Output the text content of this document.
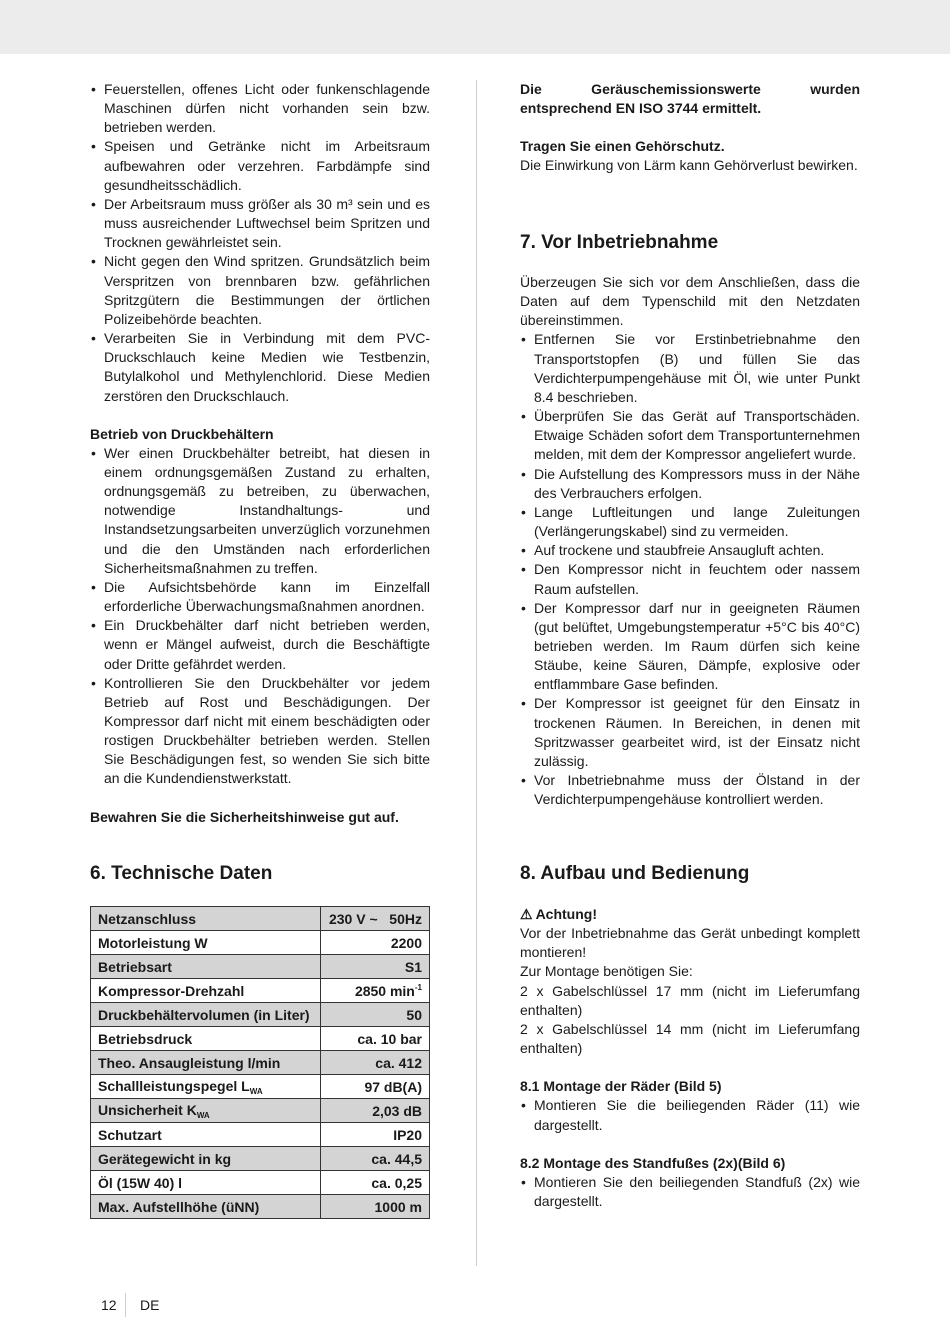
• Feuerstellen, offenes Licht oder funkenschlagende Maschinen dürfen nicht vorhanden sein bzw. betrieben werden.
• Speisen und Getränke nicht im Arbeitsraum aufbewahren oder verzehren. Farbdämpfe sind gesundheitsschädlich.
• Der Arbeitsraum muss größer als 30 m³ sein und es muss ausreichender Luftwechsel beim Spritzen und Trocknen gewährleistet sein.
• Nicht gegen den Wind spritzen. Grundsätzlich beim Verspritzen von brennbaren bzw. gefährlichen Spritzgütern die Bestimmungen der örtlichen Polizeibehörde beachten.
• Verarbeiten Sie in Verbindung mit dem PVC-Druckschlauch keine Medien wie Testbenzin, Butylalkohol und Methylenchlorid. Diese Medien zerstören den Druckschlauch.

Betrieb von Druckbehältern

• Wer einen Druckbehälter betreibt, hat diesen in einem ordnungsgemäßen Zustand zu erhalten, ordnungsgemäß zu betreiben, zu überwachen, notwendige Instandhaltungs- und Instandsetzungsarbeiten unverzüglich vorzunehmen und die den Umständen nach erforderlichen Sicherheitsmaßnahmen zu treffen.
• Die Aufsichtsbehörde kann im Einzelfall erforderliche Überwachungsmaßnahmen anordnen.
• Ein Druckbehälter darf nicht betrieben werden, wenn er Mängel aufweist, durch die Beschäftigte oder Dritte gefährdet werden.
• Kontrollieren Sie den Druckbehälter vor jedem Betrieb auf Rost und Beschädigungen. Der Kompressor darf nicht mit einem beschädigten oder rostigen Druckbehälter betrieben werden. Stellen Sie Beschädigungen fest, so wenden Sie sich bitte an die Kundendienstwerkstatt.

Bewahren Sie die Sicherheitshinweise gut auf.

6. Technische Daten
Netzanschluss	230 V ~   50Hz
Motorleistung W	2200
Betriebsart	S1
Kompressor-Drehzahl	2850 $\min^{-1}$
Druckbehältervolumen (in Liter)	50
Betriebsdruck	ca. 10 bar
Theo. Ansaugleistung l/min	ca. 412
Schallleistungspegel $L_{WA}$	97 dB(A)
Unsicherheit $K_{WA}$	2,03 dB
Schutzart	IP20
Gerätegewicht in kg	ca. 44,5
Öl (15W 40) l	ca. 0,25
Max. Aufstellhöhe (üNN)	1000 m

Die Geräuschemissionswerte wurden entsprechend EN ISO 3744 ermittelt.

Tragen Sie einen Gehörschutz.

Die Einwirkung von Lärm kann Gehörverlust bewirken.

7. Vor Inbetriebnahme

Überzeugen Sie sich vor dem Anschließen, dass die Daten auf dem Typenschild mit den Netzdaten übereinstimmen.

• Entfernen Sie vor Erstinbetriebnahme den Transportstopfen (B) und füllen Sie das Verdichterpumpengehäuse mit Öl, wie unter Punkt 8.4 beschrieben.
• Überprüfen Sie das Gerät auf Transportschäden. Etwaige Schäden sofort dem Transportunternehmen melden, mit dem der Kompressor angeliefert wurde.
• Die Aufstellung des Kompressors muss in der Nähe des Verbrauchers erfolgen.
• Lange Luftleitungen und lange Zuleitungen (Verlängerungskabel) sind zu vermeiden.
• Auf trockene und staubfreie Ansaugluft achten.
• Den Kompressor nicht in feuchtem oder nassem Raum aufstellen.
• Der Kompressor darf nur in geeigneten Räumen (gut belüftet, Umgebungstemperatur +5°C bis 40°C) betrieben werden. Im Raum dürfen sich keine Stäube, keine Säuren, Dämpfe, explosive oder entflammbare Gase befinden.
• Der Kompressor ist geeignet für den Einsatz in trockenen Räumen. In Bereichen, in denen mit Spritzwasser gearbeitet wird, ist der Einsatz nicht zulässig.
• Vor Inbetriebnahme muss der Ölstand in der Verdichterpumpengehäuse kontrolliert werden.
8. Aufbau und Bedienung

⚠ Achtung!

Vor der Inbetriebnahme das Gerät unbedingt komplett montieren!

Zur Montage benötigen Sie:

2 x Gabelschlüssel 17 mm (nicht im Lieferumfang enthalten)

2 x Gabelschlüssel 14 mm (nicht im Lieferumfang enthalten)

8.1 Montage der Räder (Bild 5)

• Montieren Sie die beiliegenden Räder (11) wie dargestellt.

8.2 Montage des Standfußes (2x)(Bild 6)

• Montieren Sie den beiliegenden Standfuß (2x) wie dargestellt.
12 DE
